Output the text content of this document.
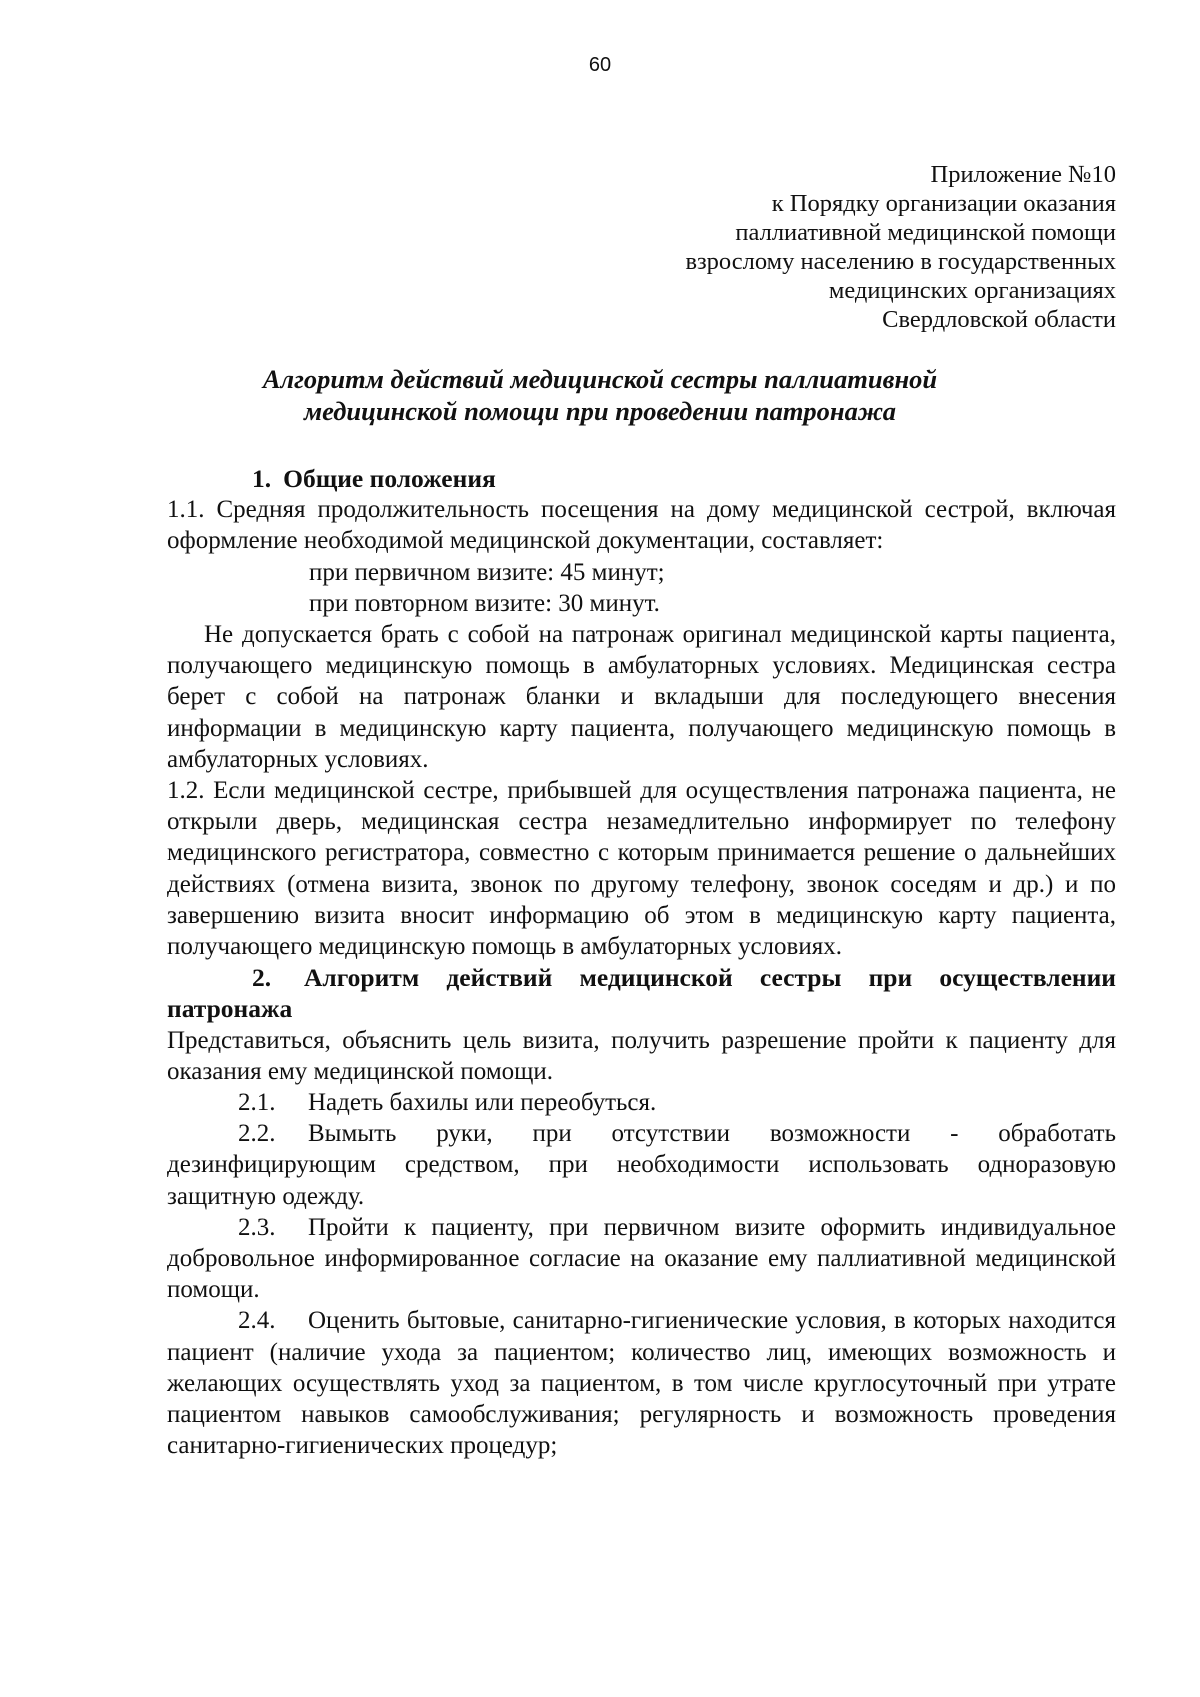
60
Приложение №10
к Порядку организации оказания
паллиативной медицинской помощи
взрослому населению в государственных
медицинских организациях
Свердловской области
Алгоритм действий медицинской сестры паллиативной
медицинской помощи при проведении патронажа
1. Общие положения

1.1. Средняя продолжительность посещения на дому медицинской сестрой, включая оформление необходимой медицинской документации, составляет:

при первичном визите: 45 минут;

при повторном визите: 30 минут.

Не допускается брать с собой на патронаж оригинал медицинской карты пациента, получающего медицинскую помощь в амбулаторных условиях. Медицинская сестра берет с собой на патронаж бланки и вкладыши для последующего внесения информации в медицинскую карту пациента, получающего медицинскую помощь в амбулаторных условиях.

1.2. Если медицинской сестре, прибывшей для осуществления патронажа пациента, не открыли дверь, медицинская сестра незамедлительно информирует по телефону медицинского регистратора, совместно с которым принимается решение о дальнейших действиях (отмена визита, звонок по другому телефону, звонок соседям и др.) и по завершению визита вносит информацию об этом в медицинскую карту пациента, получающего медицинскую помощь в амбулаторных условиях.

2. Алгоритм действий медицинской сестры при осуществлении патронажа

Представиться, объяснить цель визита, получить разрешение пройти к пациенту для оказания ему медицинской помощи.

2.1. Надеть бахилы или переобуться.

2.2. Вымыть руки, при отсутствии возможности - обработать дезинфицирующим средством, при необходимости использовать одноразовую защитную одежду.

2.3. Пройти к пациенту, при первичном визите оформить индивидуальное добровольное информированное согласие на оказание ему паллиативной медицинской помощи.

2.4. Оценить бытовые, санитарно-гигиенические условия, в которых находится пациент (наличие ухода за пациентом; количество лиц, имеющих возможность и желающих осуществлять уход за пациентом, в том числе круглосуточный при утрате пациентом навыков самообслуживания; регулярность и возможность проведения санитарно-гигиенических процедур;
